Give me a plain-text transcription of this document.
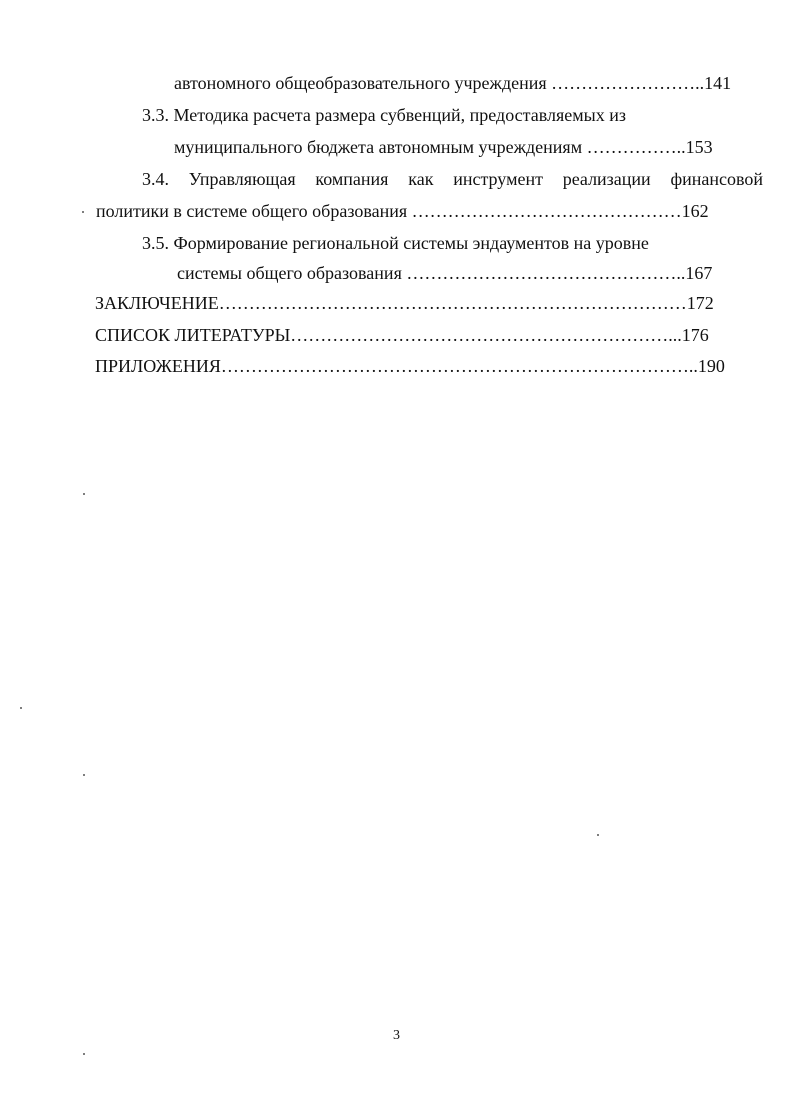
автономного общеобразовательного учреждения ……………………..141
3.3. Методика расчета размера субвенций, предоставляемых из
муниципального бюджета автономным учреждениям ……………..153
3.4. Управляющая компания как инструмент реализации финансовой
политики в системе общего образования ………………………………………162
3.5. Формирование региональной системы эндаументов на уровне
системы общего образования ………………………………………..167
ЗАКЛЮЧЕНИЕ……………………………………………………………………172
СПИСОК ЛИТЕРАТУРЫ………………………………………………………...176
ПРИЛОЖЕНИЯ……………………………………………………………………..190
3
